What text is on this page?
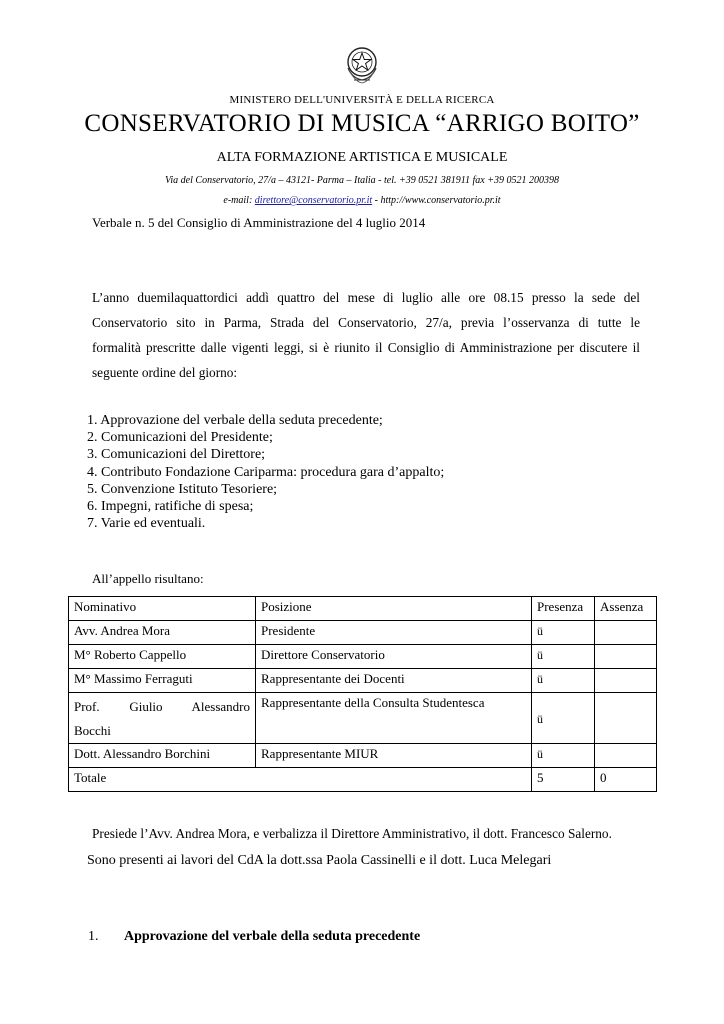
MINISTERO DELL'UNIVERSITÀ E DELLA RICERCA
CONSERVATORIO DI MUSICA “ARRIGO BOITO”
ALTA FORMAZIONE ARTISTICA E MUSICALE
Via del Conservatorio, 27/a – 43121- Parma – Italia - tel. +39 0521 381911 fax +39 0521 200398
e-mail: direttore@conservatorio.pr.it - http://www.conservatorio.pr.it
Verbale n. 5 del Consiglio di Amministrazione del 4 luglio 2014
L’anno duemilaquattordici addì quattro del mese di luglio alle ore 08.15 presso la sede del
Conservatorio sito in Parma, Strada del Conservatorio, 27/a, previa l’osservanza di tutte le
formalità prescritte dalle vigenti leggi, si è riunito il Consiglio di Amministrazione per discutere il
seguente ordine del giorno:
1. Approvazione del verbale della seduta precedente;
2. Comunicazioni del Presidente;
3. Comunicazioni del Direttore;
4. Contributo Fondazione Cariparma: procedura gara d’appalto;
5. Convenzione Istituto Tesoriere;
6. Impegni, ratifiche di spesa;
7. Varie ed eventuali.
All’appello risultano:
Nominativo	Posizione	Presenza	Assenza
Avv. Andrea Mora	Presidente	ü	
M° Roberto Cappello	Direttore Conservatorio	ü	
M° Massimo Ferraguti	Rappresentante dei Docenti	ü	
Prof.     Giulio     Alessandro Bocchi	Rappresentante della Consulta Studentesca	ü	
Dott. Alessandro Borchini	Rappresentante MIUR	ü	
Totale		5	0
Presiede l’Avv. Andrea Mora, e verbalizza il Direttore Amministrativo, il dott. Francesco Salerno.
Sono presenti ai lavori del CdA la dott.ssa Paola Cassinelli e il dott. Luca Melegari
1. Approvazione del verbale della seduta precedente
